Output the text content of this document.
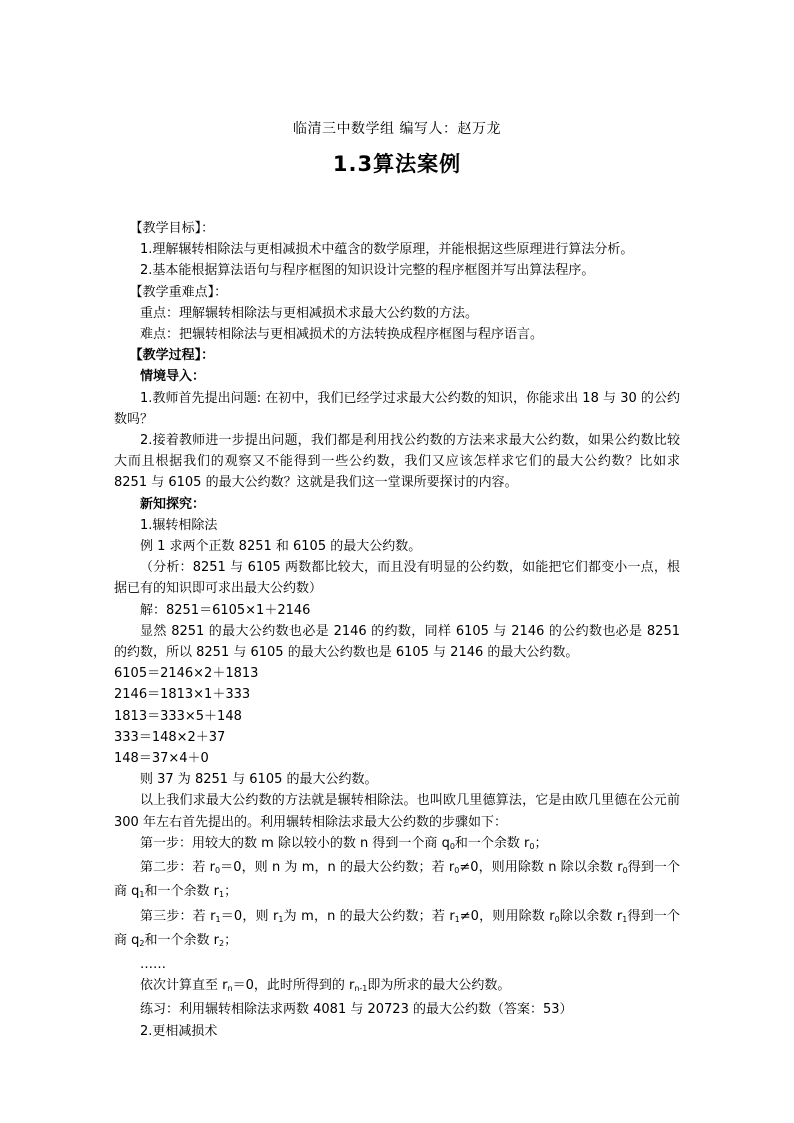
临清三中数学组 编写人：赵万龙
1.3算法案例

【教学目标】：

1.理解辗转相除法与更相减损术中蕴含的数学原理，并能根据这些原理进行算法分析。

2.基本能根据算法语句与程序框图的知识设计完整的程序框图并写出算法程序。

【教学重难点】：

重点：理解辗转相除法与更相减损术求最大公约数的方法。

难点：把辗转相除法与更相减损术的方法转换成程序框图与程序语言。

【教学过程】：

情境导入：

1.教师首先提出问题: 在初中，我们已经学过求最大公约数的知识，你能求出 18 与 30 的公约数吗？

2.接着教师进一步提出问题，我们都是利用找公约数的方法来求最大公约数，如果公约数比较大而且根据我们的观察又不能得到一些公约数，我们又应该怎样求它们的最大公约数？比如求 8251 与 6105 的最大公约数？这就是我们这一堂课所要探讨的内容。

新知探究：

1.辗转相除法

例 1 求两个正数 8251 和 6105 的最大公约数。

（分析：8251 与 6105 两数都比较大，而且没有明显的公约数，如能把它们都变小一点，根据已有的知识即可求出最大公约数）

解：8251＝6105×1＋2146

显然 8251 的最大公约数也必是 2146 的约数，同样 6105 与 2146 的公约数也必是 8251 的约数，所以 8251 与 6105 的最大公约数也是 6105 与 2146 的最大公约数。

6105＝2146×2＋1813

2146＝1813×1＋333

1813＝333×5＋148

333＝148×2＋37

148＝37×4＋0

则 37 为 8251 与 6105 的最大公约数。

以上我们求最大公约数的方法就是辗转相除法。也叫欧几里德算法，它是由欧几里德在公元前 300 年左右首先提出的。利用辗转相除法求最大公约数的步骤如下：

第一步：用较大的数 m 除以较小的数 n 得到一个商 q0和一个余数 r0；

第二步：若 r0＝0，则 n 为 m，n 的最大公约数；若 r0≠0，则用除数 n 除以余数 r0得到一个商 q1和一个余数 r1；

第三步：若 r1＝0，则 r1为 m，n 的最大公约数；若 r1≠0，则用除数 r0除以余数 r1得到一个商 q2和一个余数 r2；

……

依次计算直至 rn＝0，此时所得到的 rn-1即为所求的最大公约数。

练习：利用辗转相除法求两数 4081 与 20723 的最大公约数（答案：53）

2.更相减损术
